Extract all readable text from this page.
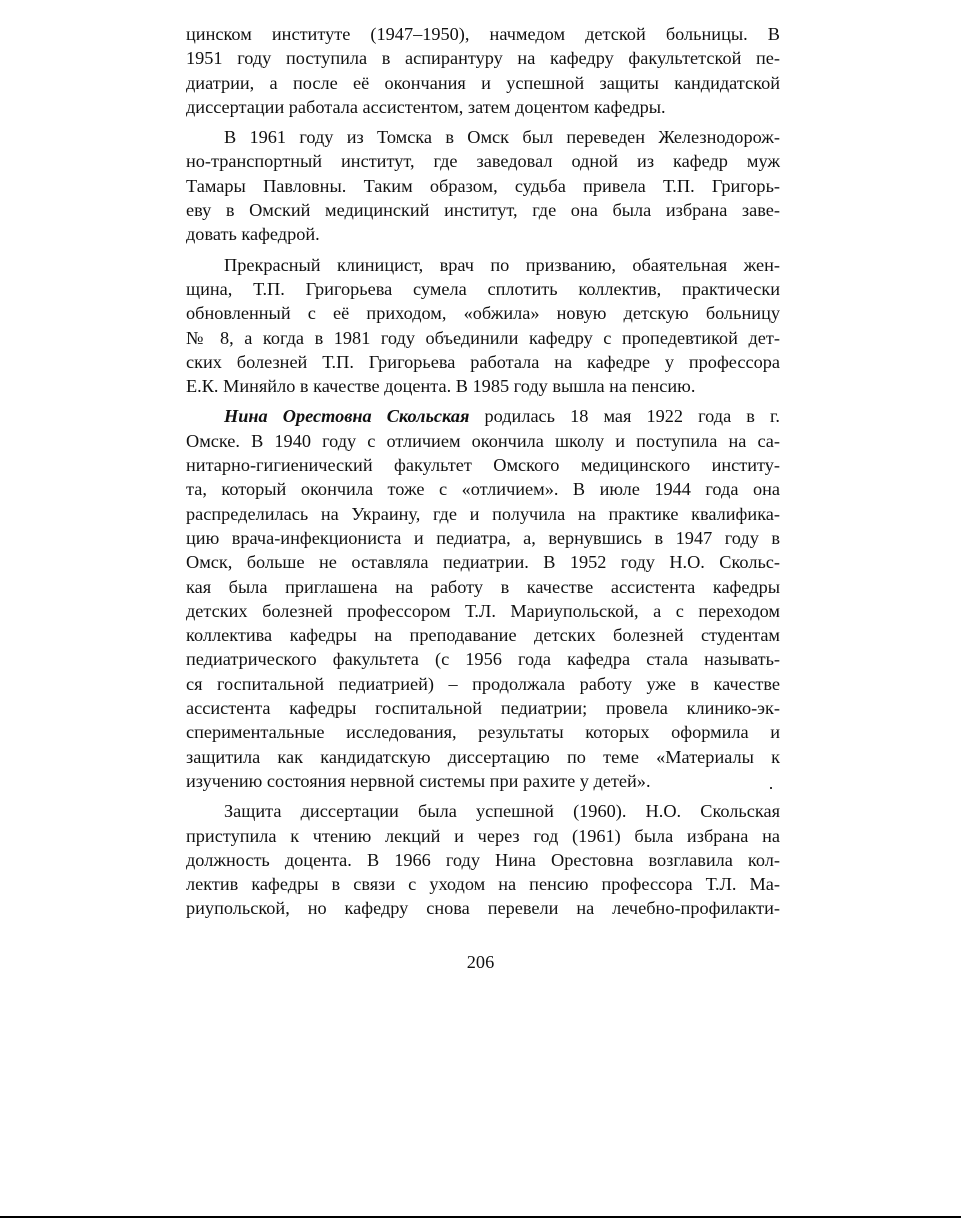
цинском институте (1947–1950), начмедом детской больницы. В
1951 году поступила в аспирантуру на кафедру факультетской пе-
диатрии, а после её окончания и успешной защиты кандидатской
диссертации работала ассистентом, затем доцентом кафедры.
В 1961 году из Томска в Омск был переведен Железнодорож-
но-транспортный институт, где заведовал одной из кафедр муж
Тамары Павловны. Таким образом, судьба привела Т.П. Григорь-
еву в Омский медицинский институт, где она была избрана заве-
довать кафедрой.
Прекрасный клиницист, врач по призванию, обаятельная жен-
щина, Т.П. Григорьева сумела сплотить коллектив, практически
обновленный с её приходом, «обжила» новую детскую больницу
№ 8, а когда в 1981 году объединили кафедру с пропедевтикой дет-
ских болезней Т.П. Григорьева работала на кафедре у профессора
Е.К. Миняйло в качестве доцента. В 1985 году вышла на пенсию.
Нина Орестовна Скольская родилась 18 мая 1922 года в г.
Омске. В 1940 году с отличием окончила школу и поступила на са-
нитарно-гигиенический факультет Омского медицинского институ-
та, который окончила тоже с «отличием». В июле 1944 года она
распределилась на Украину, где и получила на практике квалифика-
цию врача-инфекциониста и педиатра, а, вернувшись в 1947 году в
Омск, больше не оставляла педиатрии. В 1952 году Н.О. Скольс-
кая была приглашена на работу в качестве ассистента кафедры
детских болезней профессором Т.Л. Мариупольской, а с переходом
коллектива кафедры на преподавание детских болезней студентам
педиатрического факультета (с 1956 года кафедра стала называть-
ся госпитальной педиатрией) – продолжала работу уже в качестве
ассистента кафедры госпитальной педиатрии; провела клинико-эк-
спериментальные исследования, результаты которых оформила и
защитила как кандидатскую диссертацию по теме «Материалы к
изучению состояния нервной системы при рахите у детей».
Защита диссертации была успешной (1960). Н.О. Скольская
приступила к чтению лекций и через год (1961) была избрана на
должность доцента. В 1966 году Нина Орестовна возглавила кол-
лектив кафедры в связи с уходом на пенсию профессора Т.Л. Ма-
риупольской, но кафедру снова перевели на лечебно-профилакти-
206
